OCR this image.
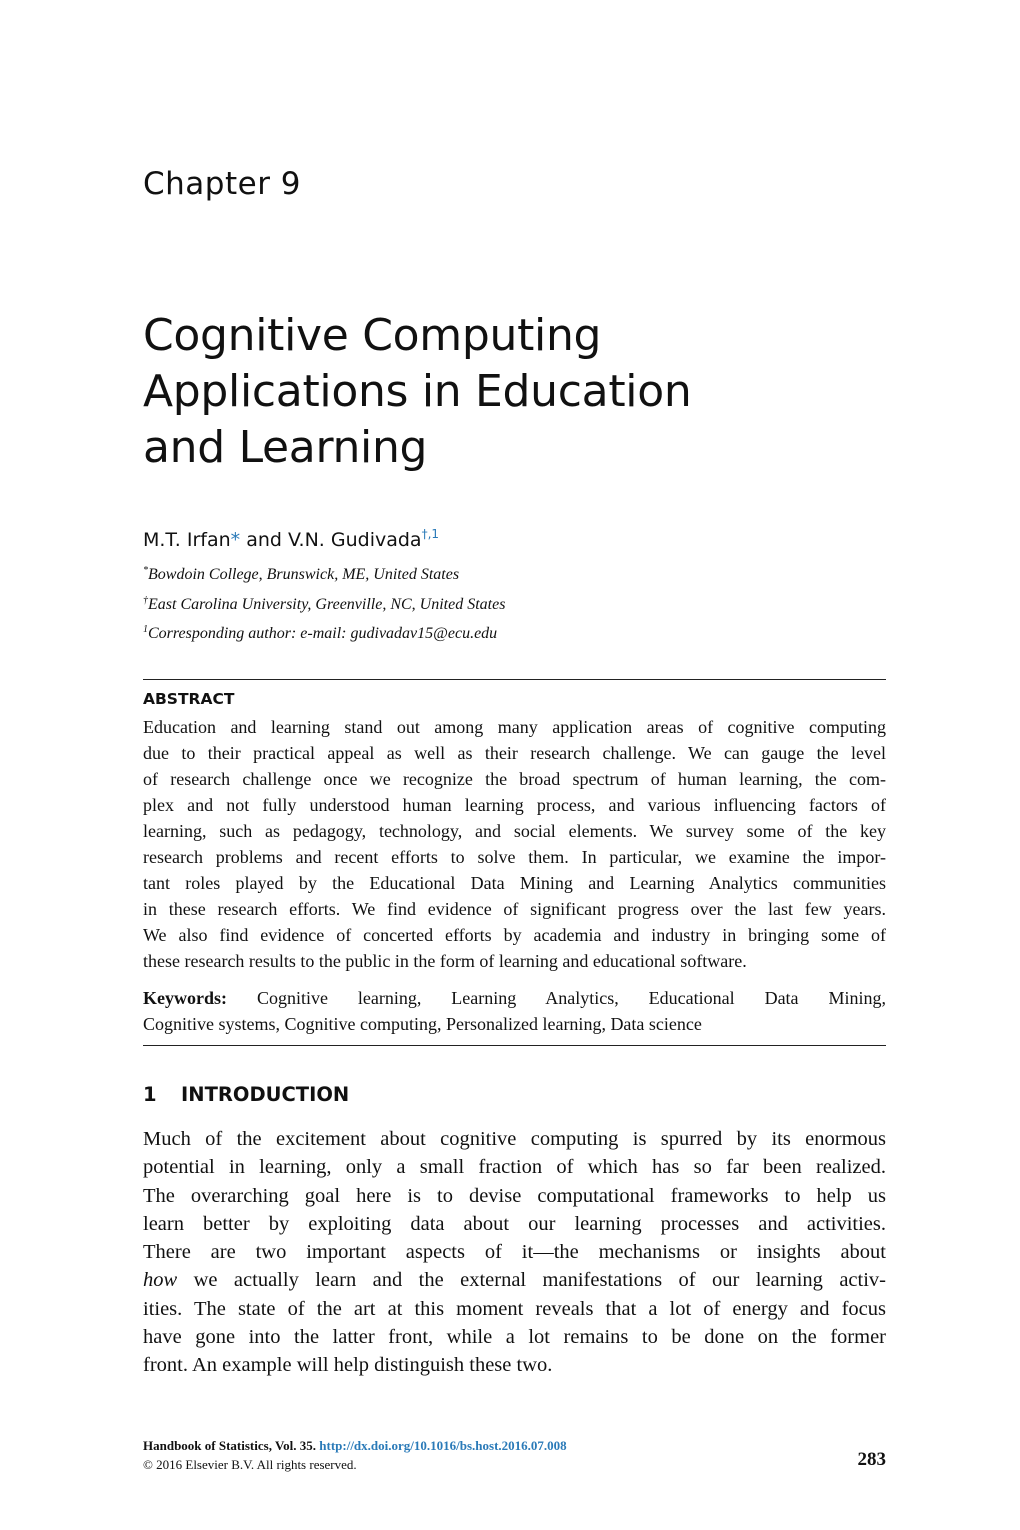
Chapter 9
Cognitive Computing
Applications in Education
and Learning
M.T. Irfan* and V.N. Gudivada$^{\dagger,1}$
*Bowdoin College, Brunswick, ME, United States
†East Carolina University, Greenville, NC, United States
$^1$Corresponding author: e-mail: gudivadav15@ecu.edu
ABSTRACT
Education and learning stand out among many application areas of cognitive computing
due to their practical appeal as well as their research challenge. We can gauge the level
of research challenge once we recognize the broad spectrum of human learning, the com-
plex and not fully understood human learning process, and various influencing factors of
learning, such as pedagogy, technology, and social elements. We survey some of the key
research problems and recent efforts to solve them. In particular, we examine the impor-
tant roles played by the Educational Data Mining and Learning Analytics communities
in these research efforts. We find evidence of significant progress over the last few years.
We also find evidence of concerted efforts by academia and industry in bringing some of
these research results to the public in the form of learning and educational software.
Keywords: Cognitive learning, Learning Analytics, Educational Data Mining,
Cognitive systems, Cognitive computing, Personalized learning, Data science
1 INTRODUCTION
Much of the excitement about cognitive computing is spurred by its enormous
potential in learning, only a small fraction of which has so far been realized.
The overarching goal here is to devise computational frameworks to help us
learn better by exploiting data about our learning processes and activities.
There are two important aspects of it—the mechanisms or insights about
how we actually learn and the external manifestations of our learning activ-
ities. The state of the art at this moment reveals that a lot of energy and focus
have gone into the latter front, while a lot remains to be done on the former
front. An example will help distinguish these two.
Handbook of Statistics, Vol. 35. http://dx.doi.org/10.1016/bs.host.2016.07.008
© 2016 Elsevier B.V. All rights reserved.	283
